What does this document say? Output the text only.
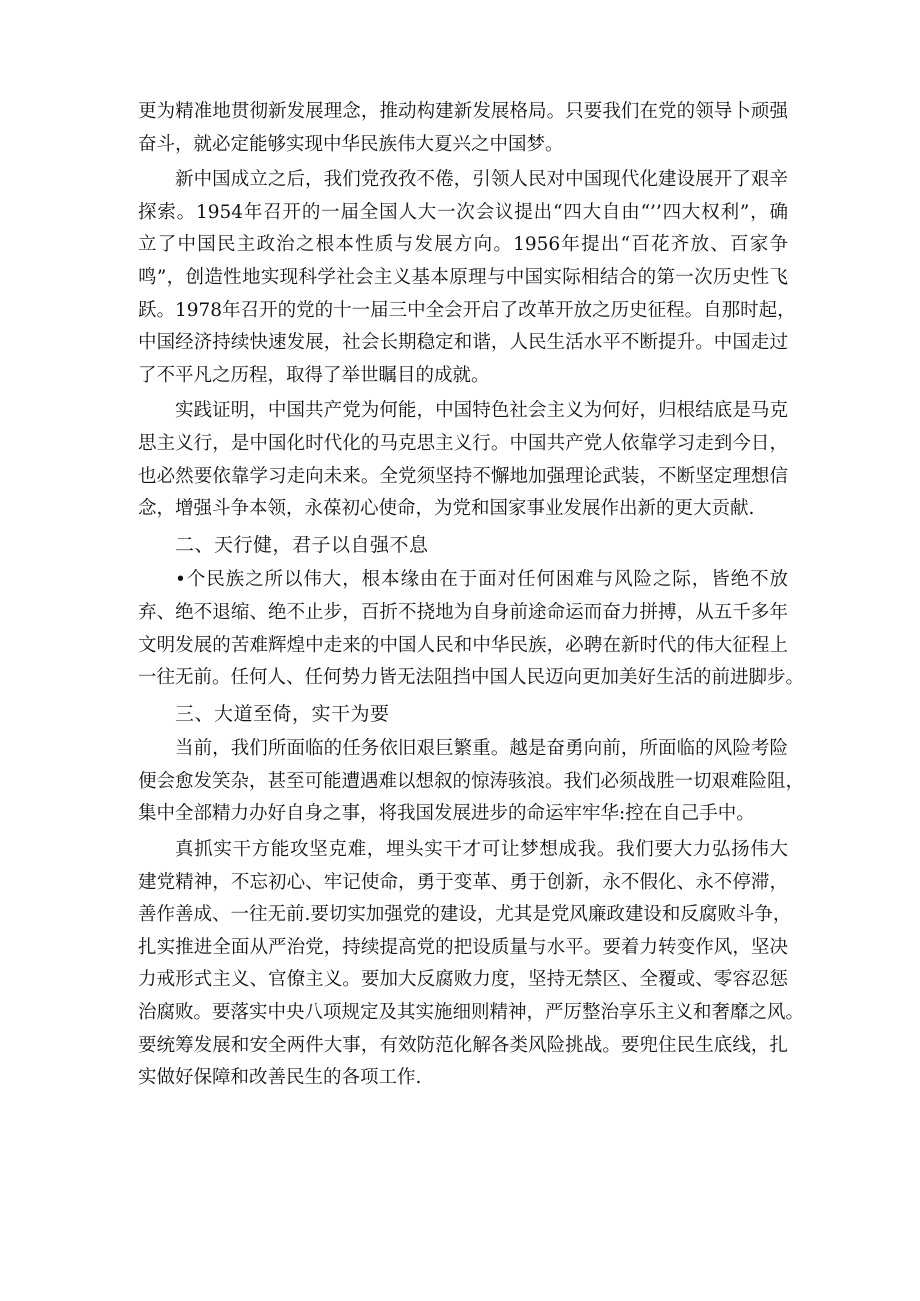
更为精准地贯彻新发展理念，推动构建新发展格局。只要我们在党的领导卜顽强
奋斗，就必定能够实现中华民族伟大夏兴之中国梦。
新中国成立之后，我们党孜孜不倦，引领人民对中国现代化建设展开了艰辛
探索。1954年召开的一届全国人大一次会议提出“四大自由“’’四大权利”，确
立了中国民主政治之根本性质与发展方向。1956年提出“百花齐放、百家争
鸣”，创造性地实现科学社会主义基本原理与中国实际相结合的第一次历史性飞
跃。1978年召开的党的十一届三中全会开启了改革开放之历史征程。自那时起，
中国经济持续快速发展，社会长期稳定和谐，人民生活水平不断提升。中国走过
了不平凡之历程，取得了举世瞩目的成就。
实践证明，中国共产党为何能，中国特色社会主义为何好，归根结底是马克
思主义行，是中国化时代化的马克思主义行。中国共产党人依靠学习走到今日，
也必然要依靠学习走向未来。全党须坚持不懈地加强理论武装，不断坚定理想信
念，增强斗争本领，永葆初心使命，为党和国家事业发展作出新的更大贡献.
二、天行健，君子以自强不息
•个民族之所以伟大，根本缘由在于面对任何困难与风险之际，皆绝不放
弃、绝不退缩、绝不止步，百折不挠地为自身前途命运而奋力拼搏，从五千多年
文明发展的苦难辉煌中走来的中国人民和中华民族，必聘在新时代的伟大征程上
一往无前。任何人、任何势力皆无法阻挡中国人民迈向更加美好生活的前进脚步。
三、大道至倚，实干为要
当前，我们所面临的任务依旧艰巨繁重。越是奋勇向前，所面临的风险考险
便会愈发笑杂，甚至可能遭遇难以想叙的惊涛骇浪。我们必须战胜一切艰难险阻，
集中全部精力办好自身之事，将我国发展进步的命运牢牢华:控在自己手中。
真抓实干方能攻坚克难，埋头实干才可让梦想成我。我们要大力弘扬伟大
建党精神，不忘初心、牢记使命，勇于变革、勇于创新，永不假化、永不停滞，
善作善成、一往无前.要切实加强党的建设，尤其是党风廉政建设和反腐败斗争，
扎实推进全面从严治党，持续提高党的把设质量与水平。要着力转变作风，坚决
力戒形式主义、官僚主义。要加大反腐败力度，坚持无禁区、全覆或、零容忍惩
治腐败。要落实中央八项规定及其实施细则精神，严厉整治享乐主义和奢靡之风。
要统筹发展和安全两件大事，有效防范化解各类风险挑战。要兜住民生底线，扎
实做好保障和改善民生的各项工作.
